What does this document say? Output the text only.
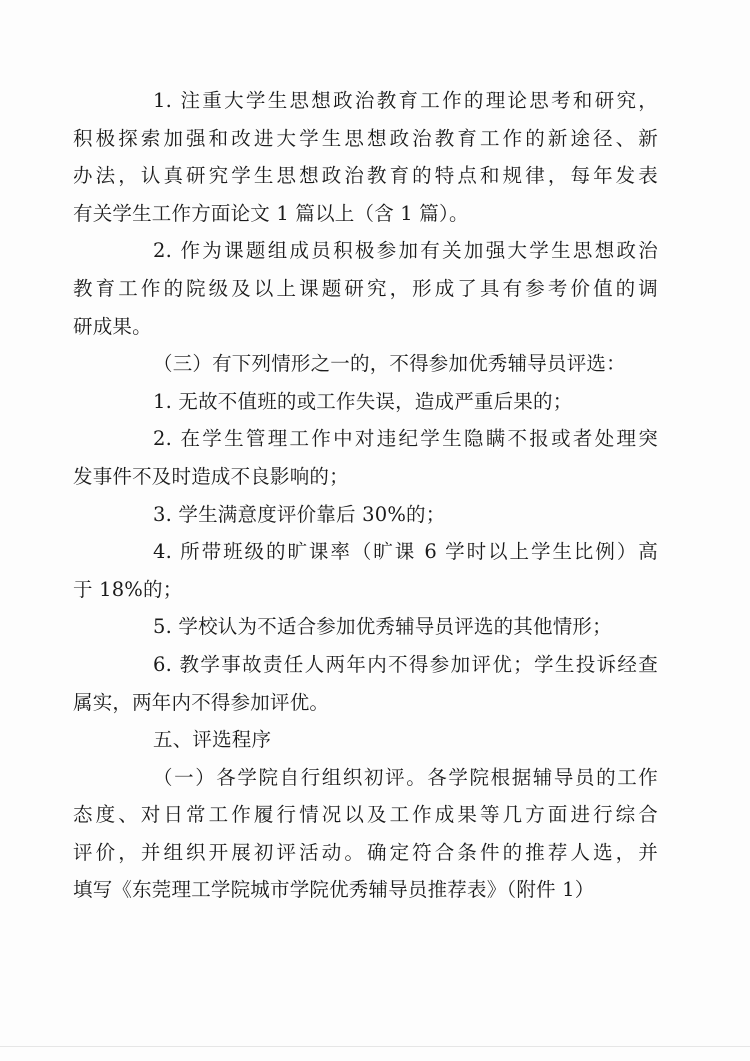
1. 注重大学生思想政治教育工作的理论思考和研究，
积极探索加强和改进大学生思想政治教育工作的新途径、新
办法，认真研究学生思想政治教育的特点和规律，每年发表
有关学生工作方面论文 1 篇以上（含 1 篇）。

2. 作为课题组成员积极参加有关加强大学生思想政治
教育工作的院级及以上课题研究，形成了具有参考价值的调
研成果。

（三）有下列情形之一的，不得参加优秀辅导员评选：

1. 无故不值班的或工作失误，造成严重后果的；

2. 在学生管理工作中对违纪学生隐瞒不报或者处理突
发事件不及时造成不良影响的；

3. 学生满意度评价靠后 30%的；

4. 所带班级的旷课率（旷课 6 学时以上学生比例）高
于 18%的；

5. 学校认为不适合参加优秀辅导员评选的其他情形；

6. 教学事故责任人两年内不得参加评优；学生投诉经查
属实，两年内不得参加评优。

五、评选程序

（一）各学院自行组织初评。各学院根据辅导员的工作
态度、对日常工作履行情况以及工作成果等几方面进行综合
评价，并组织开展初评活动。确定符合条件的推荐人选，并
填写《东莞理工学院城市学院优秀辅导员推荐表》（附件 1）
